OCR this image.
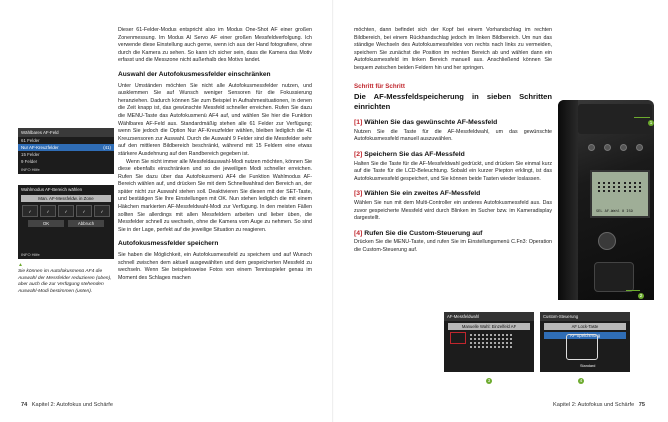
Dieser 61-Felder-Modus entspricht also im Modus One-Shot AF einer großen Zonenmessung. Im Modus AI Servo AF einer großen Messfeldverfolgung. Ich verwende diese Einstellung auch gerne, wenn ich aus der Hand fotografiere, ohne durch die Kamera zu sehen. So kann ich sicher sein, dass die Kamera das Motiv erfasst und die Messzone nicht außerhalb des Motivs landet.

Auswahl der Autofokusmessfelder einschränken

Unter Umständen möchten Sie nicht alle Autofokusmessfelder nutzen, und ausklemmen Sie auf Wunsch weniger Sensoren für die Fokussierung heranziehen. Dadurch können Sie zum Beispiel in Aufnahmesituationen, in denen die Zeit knapp ist, das gewünschte Messfeld schneller erreichen. Rufen Sie dazu die MENU-Taste das Autofokusmenü AF4 auf, und wählen Sie hier die Funktion Wählbares AF-Feld aus. Standardmäßig stehen alle 61 Felder zur Verfügung; wenn Sie jedoch die Option Nur AF-Kreuzfelder wählen, bleiben lediglich die 41 Kreuzsensoren zur Auswahl. Durch die Auswahl 9 Felder sind die Messfelder sehr auf den mittleren Bildbereich beschränkt, während mit 15 Feldern eine etwas stärkere Ausdehnung auf den Randbereich gegeben ist.

Wenn Sie nicht immer alle Messfeldauswahl-Modi nutzen möchten, können Sie diese ebenfalls einschränken und so die jeweiligen Modi schneller erreichen. Rufen Sie dazu über das Autofokusmenü AF4 die Funktion Wahlmodus AF-Bereich wählen auf, und drücken Sie mit dem Schnellwahlrad den Bereich an, der später nicht zur Auswahl stehen soll. Deaktivieren Sie diesen mit der SET-Taste, und bestätigen Sie Ihre Einstellungen mit OK. Nun stehen lediglich die mit einem Häkchen markierten AF-Messfeldwahl-Modi zur Verfügung. In den meisten Fällen sollten Sie allerdings mit allen Messfeldern arbeiten und lieber üben, die Messfelder schnell zu wechseln, ohne die Kamera vom Auge zu nehmen. So sind Sie in der Lage, perfekt auf die jeweilige Situation zu reagieren.

Autofokusmessfelder speichern

Sie haben die Möglichkeit, ein Autofokusmessfeld zu speichern und auf Wunsch schnell zwischen dem aktuell ausgewählten und dem gespeicherten Messfeld zu wechseln. Wenn Sie beispielsweise Fotos von einem Tennisspieler genau im Moment des Schlages machen

Wählbares AF-Feld
61 Felder
Nur AF-Kreuzfelder	(41)
15 Felder
9 Felder
INFO Hilfe
Wahlmodus AF-Bereich wählen
Man. AF-Messfeldw. in Zone
✓	✓	✓	✓	✓
OK	Abbruch
INFO Hilfe
▲
Sie können im Autofokusmenü AF4 die Auswahl der Messfelder reduzieren (oben), aber auch die zur Verfügung stehenden Auswahl-Modi bestimmen (unten).
74 Kapitel 2: Autofokus und Schärfe

möchten, dann befindet sich der Kopf bei einem Vorhandschlag im rechten Bildbereich, bei einem Rückhandschlag jedoch im linken Bildbereich. Um nun das ständige Wechseln des Autofokusmessfeldes von rechts nach links zu vermeiden, speichern Sie zunächst die Position im rechten Bereich ab und wählen dann ein Autofokusmessfeld im linken Bereich manuell aus. Anschließend können Sie bequem zwischen beiden Feldern hin und her springen.

Schritt für Schritt
Die AF-Messfeldspeicherung in sieben Schritten einrichten
[1] Wählen Sie das gewünschte AF-Messfeld

Nutzen Sie die Taste für die AF-Messfeldwahl, um das gewünschte Autofokusmessfeld manuell auszuwählen.

[2] Speichern Sie das AF-Messfeld

Halten Sie die Taste für die AF-Messfeldwahl gedrückt, und drücken Sie einmal kurz auf die Taste für die LCD-Beleuchtung. Sobald ein kurzer Piepton erklingt, ist das Autofokusmessfeld gespeichert, und Sie können beide Tasten wieder loslassen.

[3] Wählen Sie ein zweites AF-Messfeld

Wählen Sie nun mit dem Multi-Controller ein anderes Autofokusmessfeld aus. Das zuvor gespeicherte Messfeld wird durch Blinken im Sucher bzw. im Kameradisplay dargestellt.

[4] Rufen Sie die Custom-Steuerung auf

Drücken Sie die MENU-Taste, und rufen Sie im Einstellungsmenü C.Fn3: Operation die Custom-Steuerung auf.

SEL AF-Wahl 0 ISO
1
2
AF-Messfeldwahl
Manuelle Wahl: Einzelfeld AF
3
Custom-Steuerung
AF Lock-Taste
AF-Speicherung
Standard
4
Kapitel 2: Autofokus und Schärfe 75
